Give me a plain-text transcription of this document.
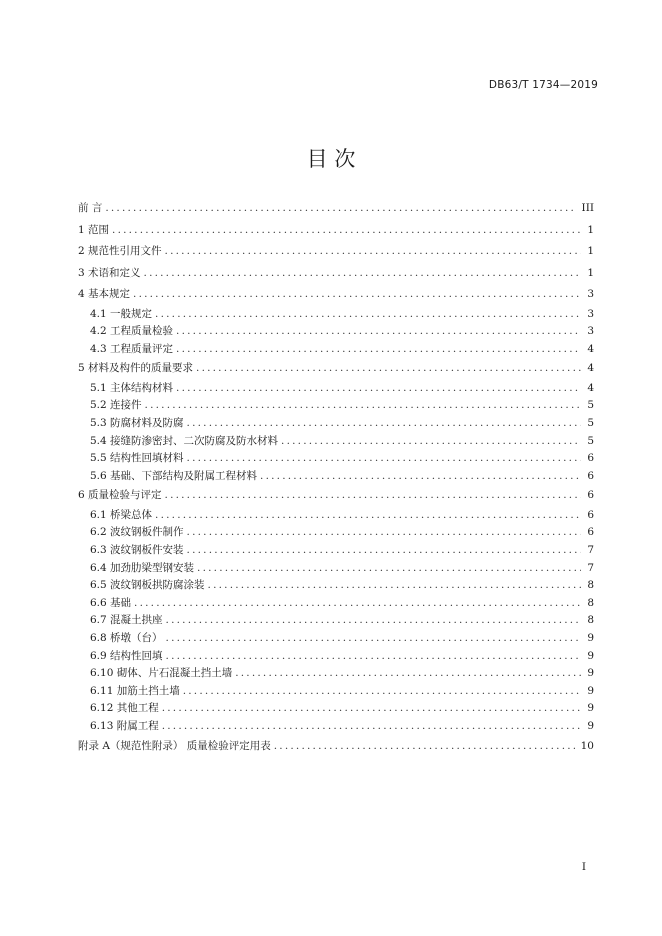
DB63/T 1734—2019
目 次
前 言 .....	III
1 范围 .....	1
2 规范性引用文件 .....	1
3 术语和定义 .....	1
4 基本规定 .....	3
4.1 一般规定 .....	3
4.2 工程质量检验 .....	3
4.3 工程质量评定 .....	4
5 材料及构件的质量要求 .....	4
5.1 主体结构材料 .....	4
5.2 连接件 .....	5
5.3 防腐材料及防腐 .....	5
5.4 接缝防渗密封、二次防腐及防水材料 .....	5
5.5 结构性回填材料 .....	6
5.6 基础、下部结构及附属工程材料 .....	6
6 质量检验与评定 .....	6
6.1 桥梁总体 .....	6
6.2 波纹钢板件制作 .....	6
6.3 波纹钢板件安装 .....	7
6.4 加劲肋梁型钢安装 .....	7
6.5 波纹钢板拱防腐涂装 .....	8
6.6 基础 .....	8
6.7 混凝土拱座 .....	8
6.8 桥墩（台） .....	9
6.9 结构性回填 .....	9
6.10 砌体、片石混凝土挡土墙 .....	9
6.11 加筋土挡土墙 .....	9
6.12 其他工程 .....	9
6.13 附属工程 .....	9
附录 A（规范性附录） 质量检验评定用表 .....	10
I
